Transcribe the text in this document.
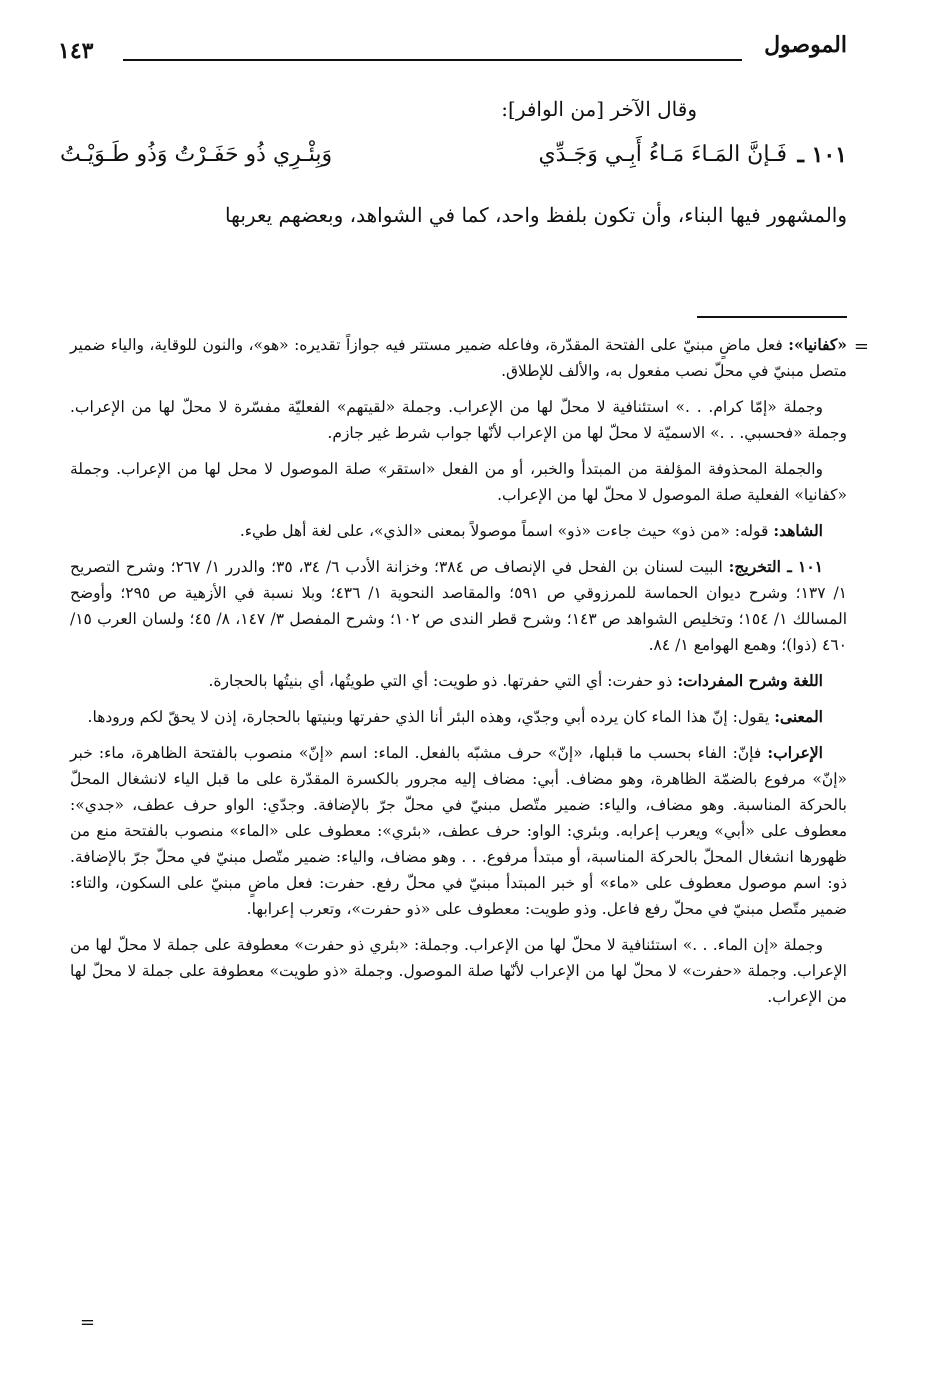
الموصول
١٤٣
وقال الآخر [من الوافر]:
١٠١ ـ
فَـإنَّ المَـاءَ مَـاءُ أَبِـي وَجَـدِّي
وَبِئْـرِي ذُو حَفَـرْتُ وَذُو طَـوَيْـتُ
والمشهور فيها البناء، وأن تكون بلفظ واحد، كما في الشواهد، وبعضهم يعربها
=

«كفانيا»: فعل ماضٍ مبنيّ على الفتحة المقدّرة، وفاعله ضمير مستتر فيه جوازاً تقديره: «هو»، والنون للوقاية، والياء ضمير متصل مبنيّ في محلّ نصب مفعول به، والألف للإطلاق.

وجملة «إمّا كرام. . .» استئنافية لا محلّ لها من الإعراب. وجملة «لقيتهم» الفعليّة مفسّرة لا محلّ لها من الإعراب. وجملة «فحسبي. . .» الاسميّة لا محلّ لها من الإعراب لأنّها جواب شرط غير جازم.

والجملة المحذوفة المؤلفة من المبتدأ والخبر، أو من الفعل «استقر» صلة الموصول لا محل لها من الإعراب. وجملة «كفانيا» الفعلية صلة الموصول لا محلّ لها من الإعراب.

الشاهد: قوله: «من ذو» حيث جاءت «ذو» اسماً موصولاً بمعنى «الذي»، على لغة أهل طيء.

١٠١ ـ التخريج: البيت لسنان بن الفحل في الإنصاف ص ٣٨٤؛ وخزانة الأدب ٦/ ٣٤، ٣٥؛ والدرر ١/ ٢٦٧؛ وشرح التصريح ١/ ١٣٧؛ وشرح ديوان الحماسة للمرزوقي ص ٥٩١؛ والمقاصد النحوية ١/ ٤٣٦؛ وبلا نسبة في الأزهية ص ٢٩٥؛ وأوضح المسالك ١/ ١٥٤؛ وتخليص الشواهد ص ١٤٣؛ وشرح قطر الندى ص ١٠٢؛ وشرح المفصل ٣/ ١٤٧، ٨/ ٤٥؛ ولسان العرب ١٥/ ٤٦٠ (ذوا)؛ وهمع الهوامع ١/ ٨٤.

اللغة وشرح المفردات: ذو حفرت: أي التي حفرتها. ذو طويت: أي التي طويتُها، أي بنيتُها بالحجارة.

المعنى: يقول: إنّ هذا الماء كان يرده أبي وجدّي، وهذه البئر أنا الذي حفرتها وبنيتها بالحجارة، إذن لا يحقّ لكم ورودها.

الإعراب: فإنّ: الفاء بحسب ما قبلها، «إنّ» حرف مشبّه بالفعل. الماء: اسم «إنّ» منصوب بالفتحة الظاهرة، ماء: خبر «إنّ» مرفوع بالضمّة الظاهرة، وهو مضاف. أبي: مضاف إليه مجرور بالكسرة المقدّرة على ما قبل الياء لانشغال المحلّ بالحركة المناسبة. وهو مضاف، والياء: ضمير متّصل مبنيّ في محلّ جرّ بالإضافة. وجدّي: الواو حرف عطف، «جدي»: معطوف على «أبي» ويعرب إعرابه. وبئري: الواو: حرف عطف، «بئري»: معطوف على «الماء» منصوب بالفتحة منع من ظهورها انشغال المحلّ بالحركة المناسبة، أو مبتدأ مرفوع. . . وهو مضاف، والياء: ضمير متّصل مبنيّ في محلّ جرّ بالإضافة. ذو: اسم موصول معطوف على «ماء» أو خبر المبتدأ مبنيّ في محلّ رفع. حفرت: فعل ماضٍ مبنيّ على السكون، والتاء: ضمير متّصل مبنيّ في محلّ رفع فاعل. وذو طويت: معطوف على «ذو حفرت»، وتعرب إعرابها.

وجملة «إن الماء. . .» استئنافية لا محلّ لها من الإعراب. وجملة: «بئري ذو حفرت» معطوفة على جملة لا محلّ لها من الإعراب. وجملة «حفرت» لا محلّ لها من الإعراب لأنّها صلة الموصول. وجملة «ذو طويت» معطوفة على جملة لا محلّ لها من الإعراب.

=
